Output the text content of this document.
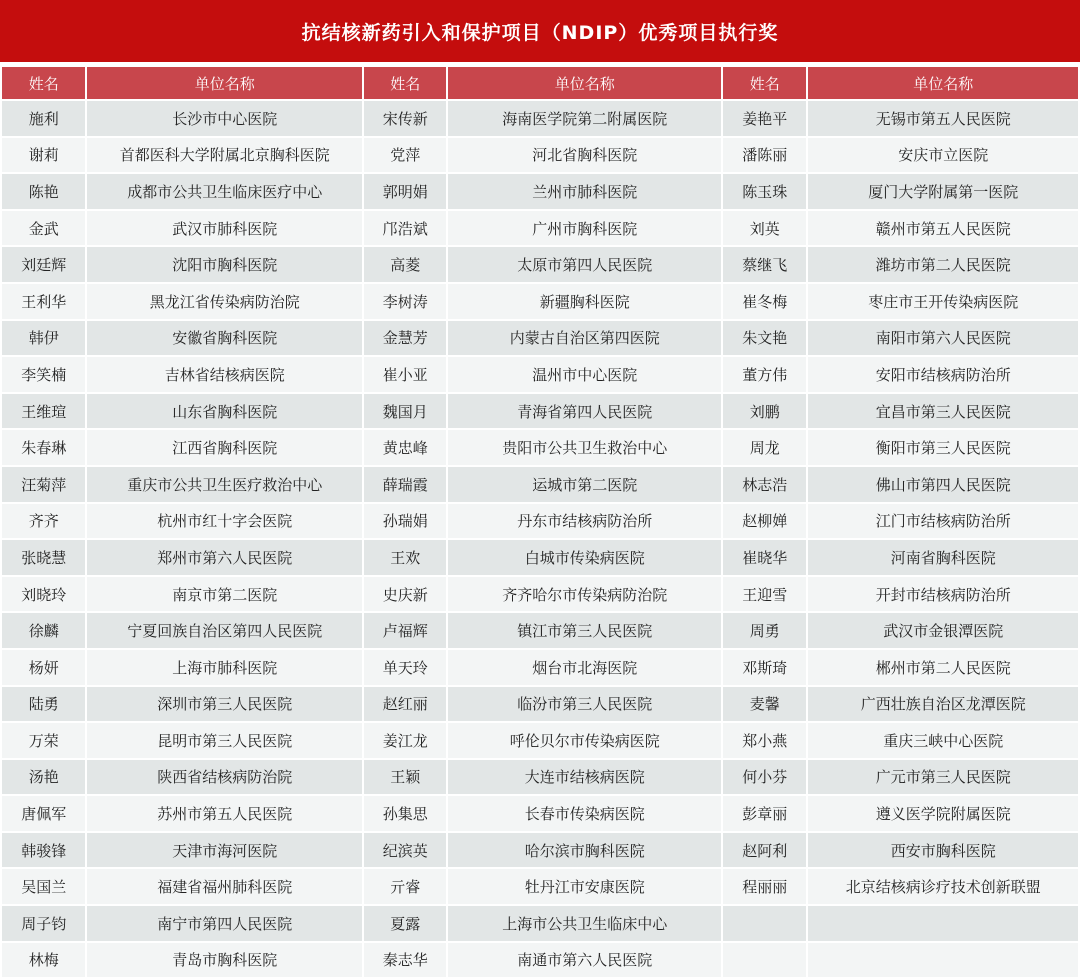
抗结核新药引入和保护项目（NDIP）优秀项目执行奖
姓名	单位名称	姓名	单位名称	姓名	单位名称
施利	长沙市中心医院	宋传新	海南医学院第二附属医院	姜艳平	无锡市第五人民医院
谢莉	首都医科大学附属北京胸科医院	党萍	河北省胸科医院	潘陈丽	安庆市立医院
陈艳	成都市公共卫生临床医疗中心	郭明娟	兰州市肺科医院	陈玉珠	厦门大学附属第一医院
金武	武汉市肺科医院	邝浩斌	广州市胸科医院	刘英	赣州市第五人民医院
刘廷辉	沈阳市胸科医院	高菱	太原市第四人民医院	蔡继飞	潍坊市第二人民医院
王利华	黑龙江省传染病防治院	李树涛	新疆胸科医院	崔冬梅	枣庄市王开传染病医院
韩伊	安徽省胸科医院	金慧芳	内蒙古自治区第四医院	朱文艳	南阳市第六人民医院
李笑楠	吉林省结核病医院	崔小亚	温州市中心医院	董方伟	安阳市结核病防治所
王维瑄	山东省胸科医院	魏国月	青海省第四人民医院	刘鹏	宜昌市第三人民医院
朱春琳	江西省胸科医院	黄忠峰	贵阳市公共卫生救治中心	周龙	衡阳市第三人民医院
汪菊萍	重庆市公共卫生医疗救治中心	薛瑞霞	运城市第二医院	林志浩	佛山市第四人民医院
齐齐	杭州市红十字会医院	孙瑞娟	丹东市结核病防治所	赵柳婵	江门市结核病防治所
张晓慧	郑州市第六人民医院	王欢	白城市传染病医院	崔晓华	河南省胸科医院
刘晓玲	南京市第二医院	史庆新	齐齐哈尔市传染病防治院	王迎雪	开封市结核病防治所
徐麟	宁夏回族自治区第四人民医院	卢福辉	镇江市第三人民医院	周勇	武汉市金银潭医院
杨妍	上海市肺科医院	单天玲	烟台市北海医院	邓斯琦	郴州市第二人民医院
陆勇	深圳市第三人民医院	赵红丽	临汾市第三人民医院	麦馨	广西壮族自治区龙潭医院
万荣	昆明市第三人民医院	姜江龙	呼伦贝尔市传染病医院	郑小燕	重庆三峡中心医院
汤艳	陕西省结核病防治院	王颖	大连市结核病医院	何小芬	广元市第三人民医院
唐佩军	苏州市第五人民医院	孙集思	长春市传染病医院	彭章丽	遵义医学院附属医院
韩骏锋	天津市海河医院	纪滨英	哈尔滨市胸科医院	赵阿利	西安市胸科医院
吴国兰	福建省福州肺科医院	亓睿	牡丹江市安康医院	程丽丽	北京结核病诊疗技术创新联盟
周子钧	南宁市第四人民医院	夏露	上海市公共卫生临床中心		
林梅	青岛市胸科医院	秦志华	南通市第六人民医院		
